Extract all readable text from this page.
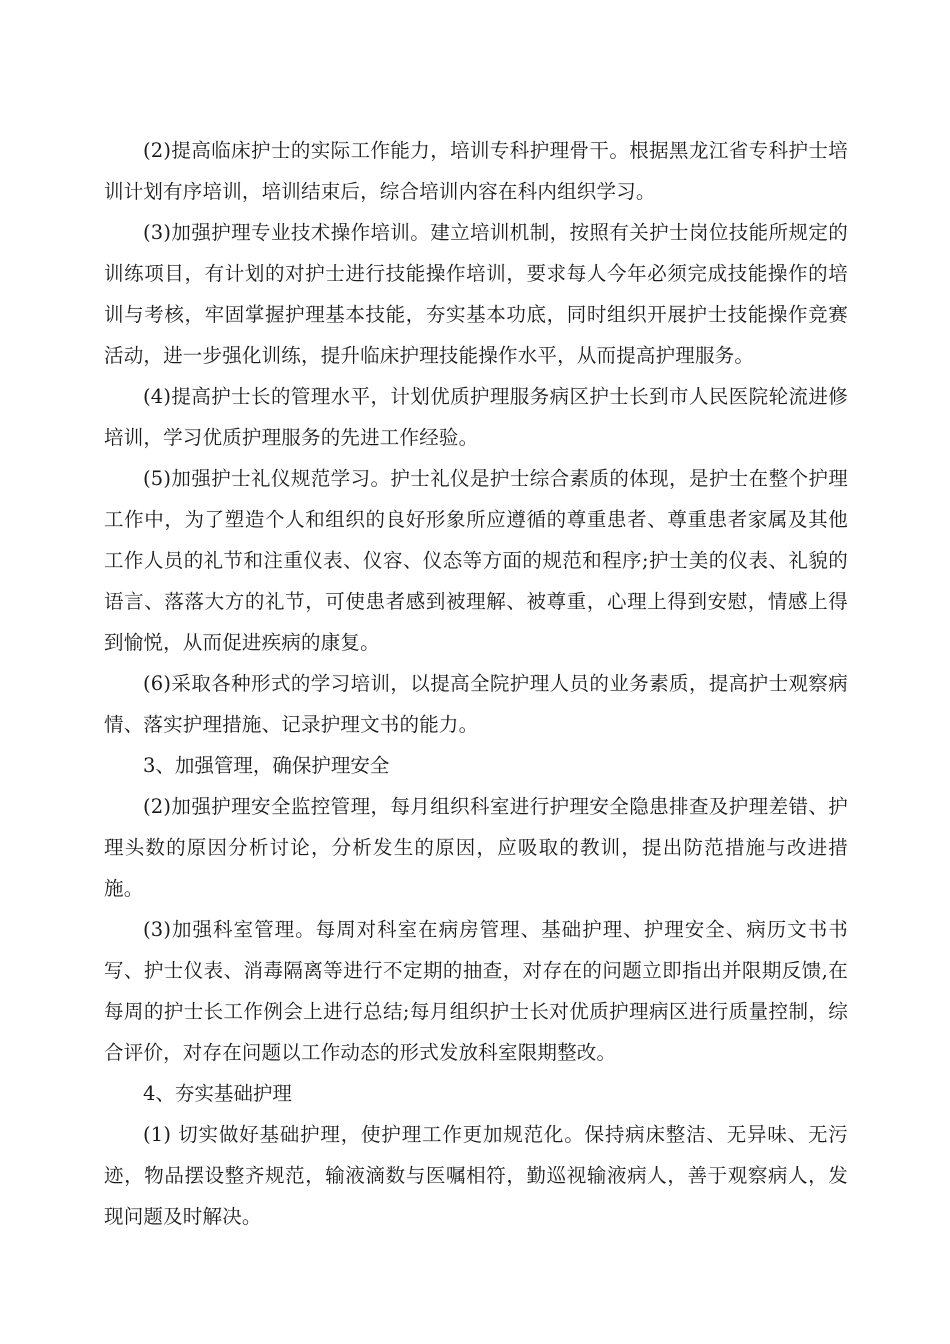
(2)提高临床护士的实际工作能力，培训专科护理骨干。根据黑龙江省专科护士培训计划有序培训，培训结束后，综合培训内容在科内组织学习。

(3)加强护理专业技术操作培训。建立培训机制，按照有关护士岗位技能所规定的训练项目，有计划的对护士进行技能操作培训，要求每人今年必须完成技能操作的培训与考核，牢固掌握护理基本技能，夯实基本功底，同时组织开展护士技能操作竞赛活动，进一步强化训练，提升临床护理技能操作水平，从而提高护理服务。

(4)提高护士长的管理水平，计划优质护理服务病区护士长到市人民医院轮流进修培训，学习优质护理服务的先进工作经验。

(5)加强护士礼仪规范学习。护士礼仪是护士综合素质的体现，是护士在整个护理工作中，为了塑造个人和组织的良好形象所应遵循的尊重患者、尊重患者家属及其他工作人员的礼节和注重仪表、仪容、仪态等方面的规范和程序;护士美的仪表、礼貌的语言、落落大方的礼节，可使患者感到被理解、被尊重，心理上得到安慰，情感上得到愉悦，从而促进疾病的康复。

(6)采取各种形式的学习培训，以提高全院护理人员的业务素质，提高护士观察病情、落实护理措施、记录护理文书的能力。

3、加强管理，确保护理安全

(2)加强护理安全监控管理，每月组织科室进行护理安全隐患排查及护理差错、护理头数的原因分析讨论，分析发生的原因，应吸取的教训，提出防范措施与改进措施。

(3)加强科室管理。每周对科室在病房管理、基础护理、护理安全、病历文书书写、护士仪表、消毒隔离等进行不定期的抽查，对存在的问题立即指出并限期反馈,在每周的护士长工作例会上进行总结;每月组织护士长对优质护理病区进行质量控制，综合评价，对存在问题以工作动态的形式发放科室限期整改。

4、夯实基础护理

(1) 切实做好基础护理，使护理工作更加规范化。保持病床整洁、无异味、无污迹，物品摆设整齐规范，输液滴数与医嘱相符，勤巡视输液病人，善于观察病人，发现问题及时解决。
